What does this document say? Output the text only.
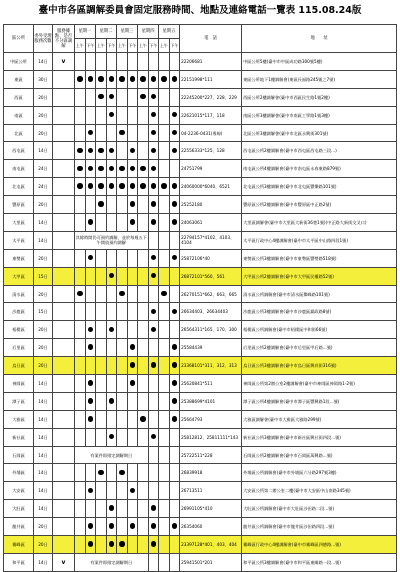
臺中市各區調解委員會固定服務時間、地點及連絡電話一覽表 115.08.24版
區公所	委外受理服務次數	服務據點、是否不分區調解	星期一		星期二		星期三		星期四		星期五		電　話	地　　址
			上午	下午	上午	下午	上午	下午	上午	下午	上午	下午		
中區公所	14日	v											22206681	中區公所5樓(臺中市中區成功路300號5樓)
東區	30日												22151998*111	東區公所地下1樓調解會(東區長福路245號之7號)
西區	20日												22245200*227、228、229	西區公所2樓調解會(臺中市西區民生路1號2樓)
南區	20日												22621015*117、118	南區公所3樓調解會(臺中市南區工學路1號3樓)
北區	20日												04-2236-0431(專線)	北區公所3樓調解會(臺中市北區永興街301號)
西屯區	14日												22556333*125、128	西屯區公所2樓調解會(臺中市西屯區西屯路三段...)
南屯區	24日												24751799	南屯區公所4樓調解會(臺中市南屯區永春東路879號)
北屯區	24日												24060000*6040、6521	北屯區公所3樓調解會(臺中市北屯區豐樂路101號)
豐原區	20日												25252180	豐原區公所2樓調解會(臺中市豐原區中正路2號)
大里區	14日												24063061	大里區調解會(臺中市大里區大新街36巷1號)(中正路大新街交叉口)
太平區	14日		其餘時間仍可預約調解，並於每週五下午開放預約調解										22794157*4102、4103、4104	太平區行政中心4樓調解會(臺中市太平區中山路四段1號)
東勢區	20日												25872106*40	東勢區公所3樓調解會(臺中市東勢區豐勢路518號)
大甲區	15日												26872101*560、561	大甲區公所2樓調解會(臺中市大甲區民權路52號)
清水區	20日												26270151*662、663、665	清水區公所調解會(臺中市清水區鰲峰路101號)
沙鹿區	15日												26634403、26634403	沙鹿區公所3樓調解會(臺中市沙鹿區鎮政路8號)
梧棲區	20日												26564311*165、170、300	梧棲區公所調解會(臺中市梧棲區中和街66號)
后里區	20日												25584439	后里區公所2樓調解會(臺中市后里區甲后路...號)
烏日區	20日												23368101*311、312、313	烏日區公所3樓調解會(臺中市烏日區興祥街316號)
神岡區	14日												25620841*511	神岡區公所第2辦公室2樓調解會(臺中市神岡區神岡路1-2號)
潭子區	14日												25388699*4101	潭子區公所4樓調解會(臺中市潭子區豐興路1段...號)
大雅區	14日												25664793	大雅區調解會(臺中市大雅區大雅路299號)
新社區	14日												25812812、25811111*143	新社區公所3樓調解會(臺中市新社區興社街四段...號)
石岡區	14日		有案件即排定調解期日										25722511*228	石岡區公所2樓調解會(臺中市石岡區萬興路...號)
外埔區	14日												26839918	外埔區公所調解會(臺中市外埔區六分路297號3樓)
大安區	14日												26713511	大安區公所第二辦公室二樓(臺中市大安區中山南路345號)
大肚區	14日												26991105*410	大肚區公所調解會(臺中市大肚區沙田路二段...號)
龍井區	20日												26354060	龍井區公所調解會(臺中市龍井區沙田路四段...號)
霧峰區	20日												23397128*401、403、404	霧峰區行政中心4樓調解會(臺中市霧峰區四德路...號)
和平區	14日	v	有案件即排定調解期日										25941501*201	和平區公所3樓調解會(臺中市和平區東關路一段...號)
